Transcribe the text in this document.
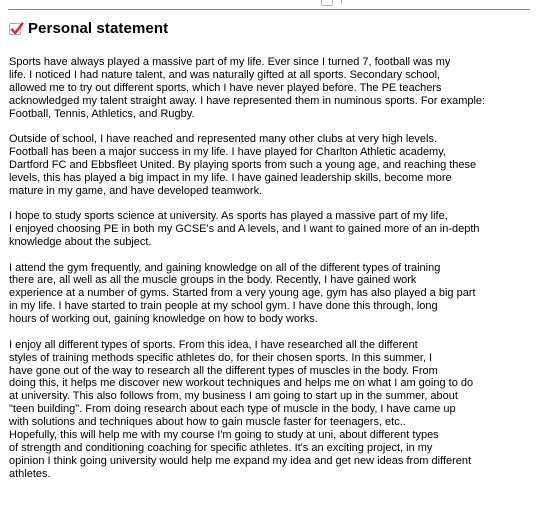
Personal statement

Sports have always played a massive part of my life. Ever since I turned 7, football was my
life. I noticed I had nature talent, and was naturally gifted at all sports. Secondary school,
allowed me to try out different sports, which I have never played before. The PE teachers
acknowledged my talent straight away. I have represented them in numinous sports. For example:
Football, Tennis, Athletics, and Rugby.

Outside of school, I have reached and represented many other clubs at very high levels.
Football has been a major success in my life. I have played for Charlton Athletic academy,
Dartford FC and Ebbsfleet United. By playing sports from such a young age, and reaching these
levels, this has played a big impact in my life. I have gained leadership skills, become more
mature in my game, and have developed teamwork.

I hope to study sports science at university. As sports has played a massive part of my life,
I enjoyed choosing PE in both my GCSE's and A levels, and I want to gained more of an in-depth
knowledge about the subject.

I attend the gym frequently, and gaining knowledge on all of the different types of training
there are, all well as all the muscle groups in the body. Recently, I have gained work
experience at a number of gyms. Started from a very young age, gym has also played a big part
in my life. I have started to train people at my school gym. I have done this through, long
hours of working out, gaining knowledge on how to body works.

I enjoy all different types of sports. From this idea, I have researched all the different
styles of training methods specific athletes do, for their chosen sports. In this summer, I
have gone out of the way to research all the different types of muscles in the body. From
doing this, it helps me discover new workout techniques and helps me on what I am going to do
at university. This also follows from, my business I am going to start up in the summer, about
"teen building". From doing research about each type of muscle in the body, I have came up
with solutions and techniques about how to gain muscle faster for teenagers, etc..
Hopefully, this will help me with my course I'm going to study at uni, about different types
of strength and conditioning coaching for specific athletes. It's an exciting project, in my
opinion I think going university would help me expand my idea and get new ideas from different
athletes.
